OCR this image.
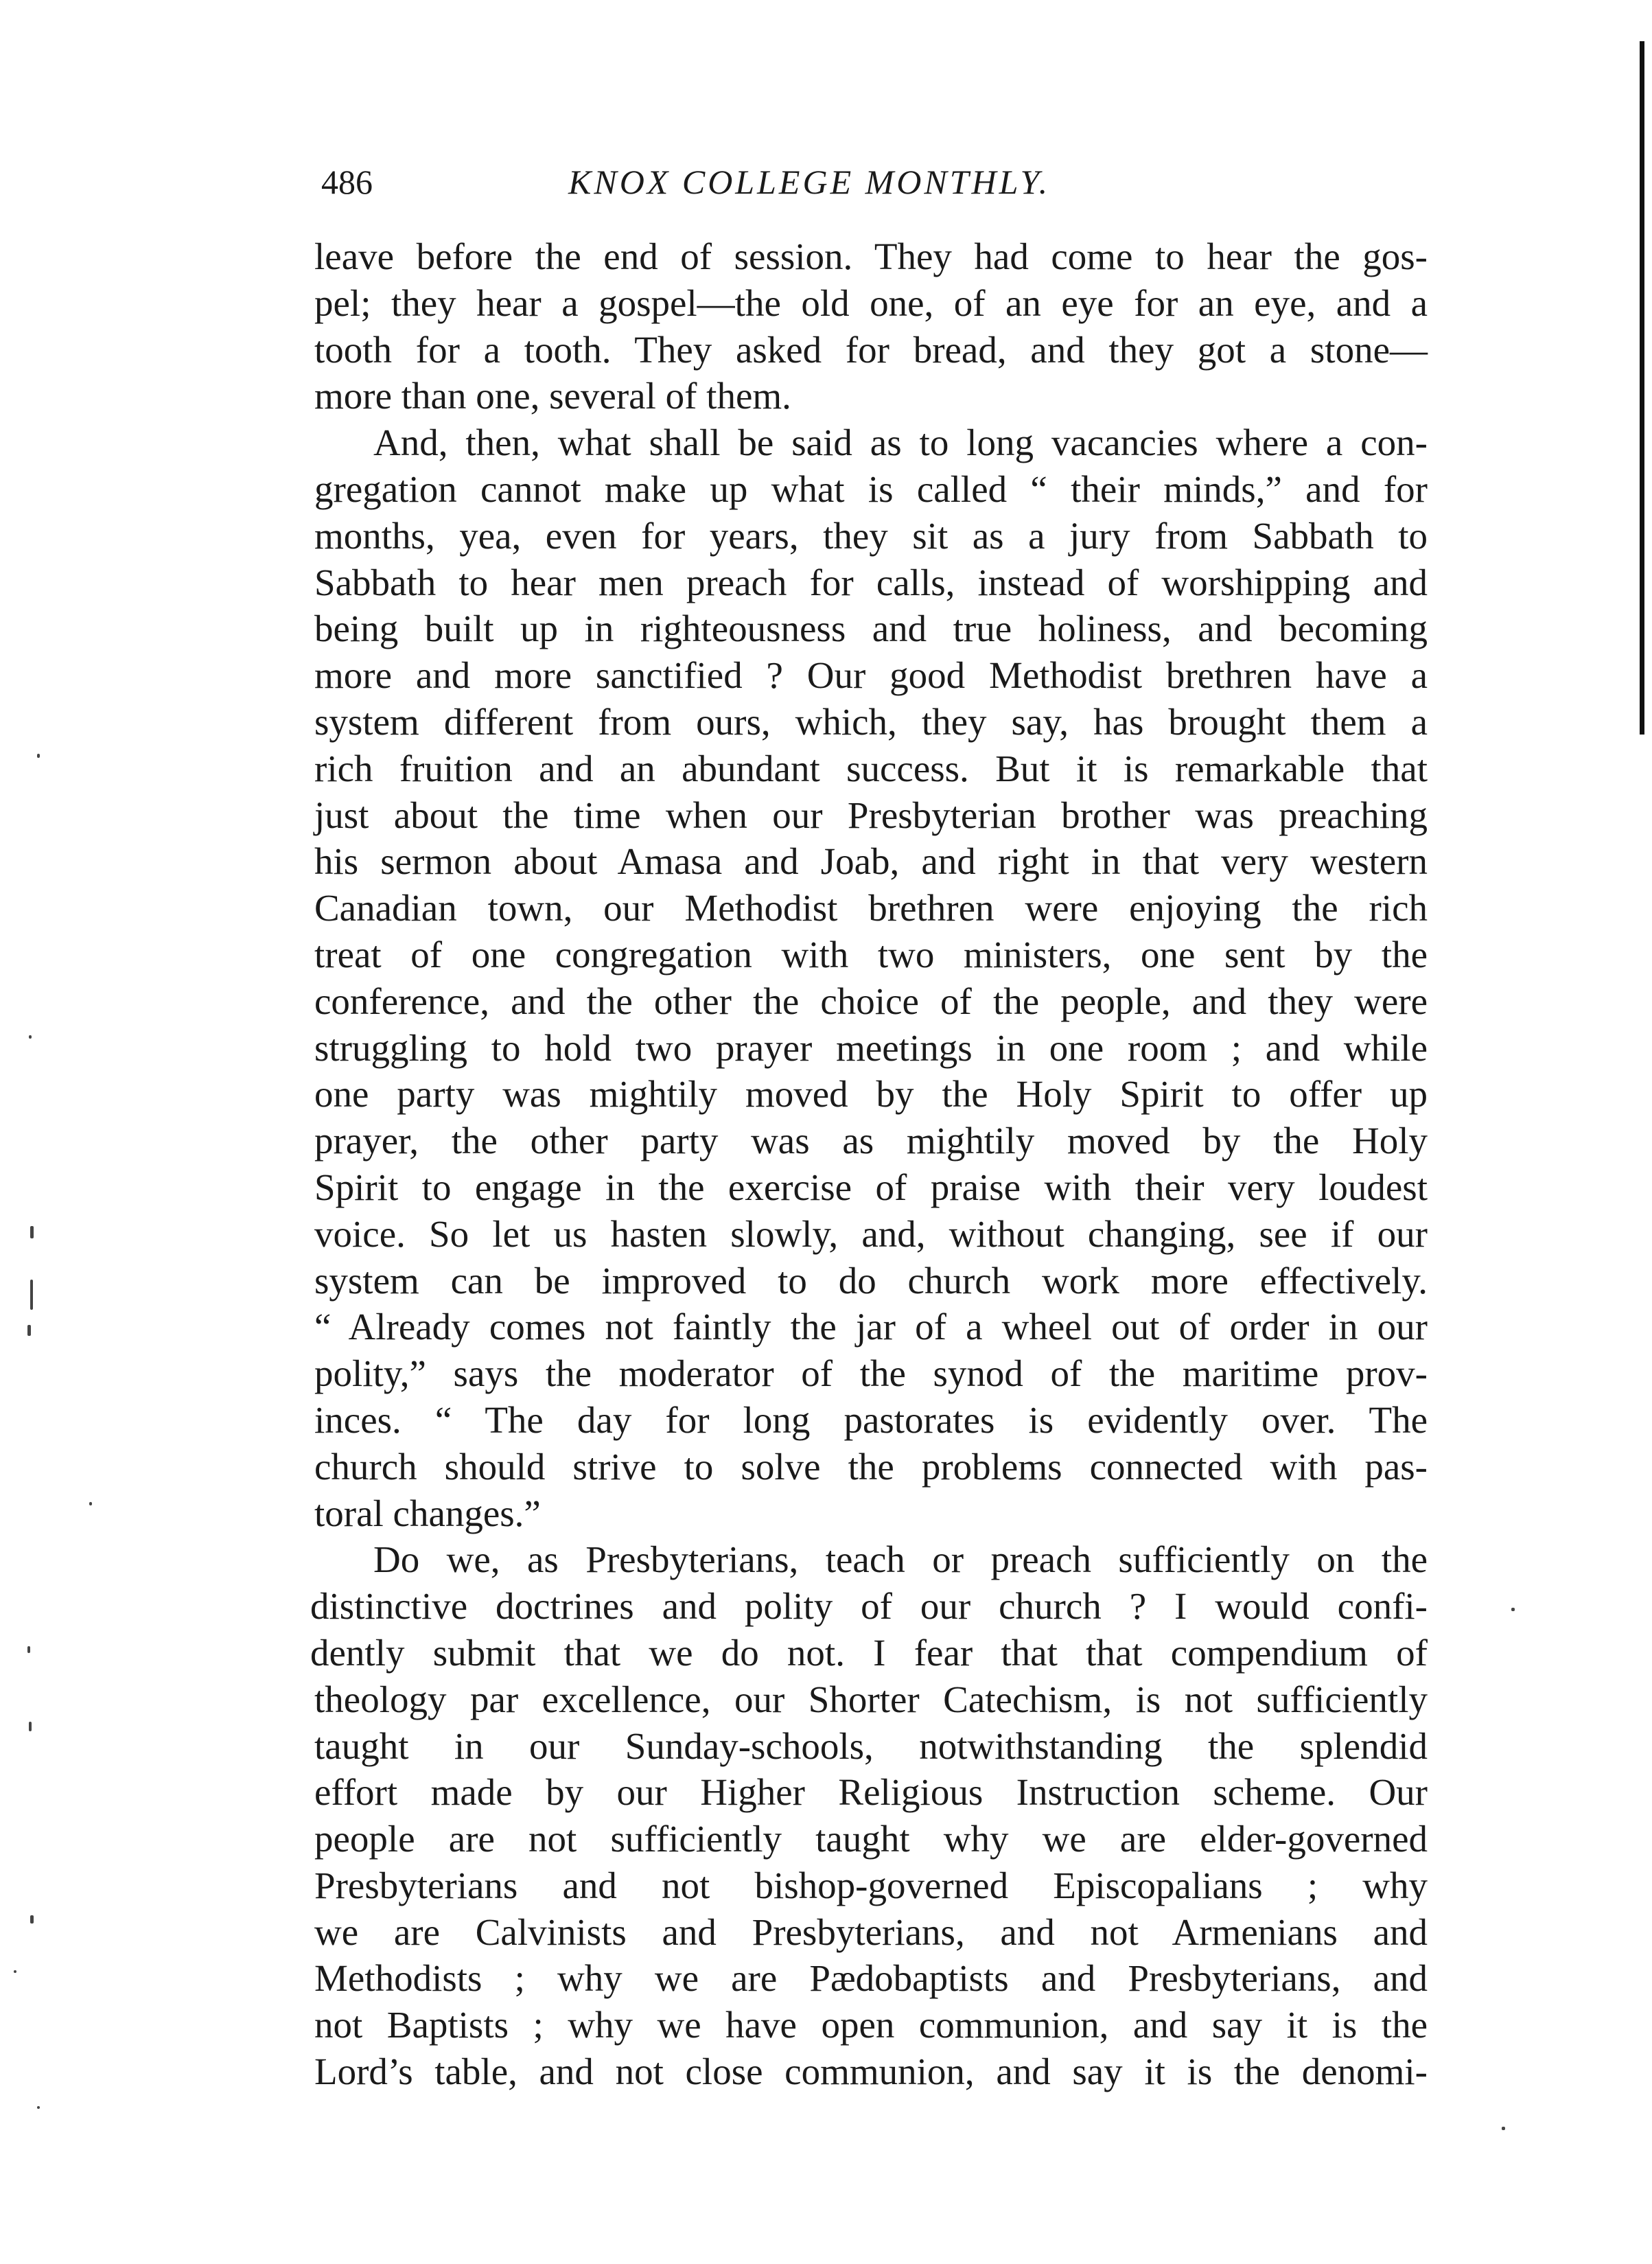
486	KNOX COLLEGE MONTHLY.
leave before the end of session. They had come to hear the gos-
pel; they hear a gospel—the old one, of an eye for an eye, and a
tooth for a tooth. They asked for bread, and they got a stone—
more than one, several of them.
And, then, what shall be said as to long vacancies where a con-
gregation cannot make up what is called “ their minds,” and for
months, yea, even for years, they sit as a jury from Sabbath to
Sabbath to hear men preach for calls, instead of worshipping and
being built up in righteousness and true holiness, and becoming
more and more sanctified ? Our good Methodist brethren have a
system different from ours, which, they say, has brought them a
rich fruition and an abundant success. But it is remarkable that
just about the time when our Presbyterian brother was preaching
his sermon about Amasa and Joab, and right in that very western
Canadian town, our Methodist brethren were enjoying the rich
treat of one congregation with two ministers, one sent by the
conference, and the other the choice of the people, and they were
struggling to hold two prayer meetings in one room ; and while
one party was mightily moved by the Holy Spirit to offer up
prayer, the other party was as mightily moved by the Holy
Spirit to engage in the exercise of praise with their very loudest
voice. So let us hasten slowly, and, without changing, see if our
system can be improved to do church work more effectively.
“ Already comes not faintly the jar of a wheel out of order in our
polity,” says the moderator of the synod of the maritime prov-
inces. “ The day for long pastorates is evidently over. The
church should strive to solve the problems connected with pas-
toral changes.”
Do we, as Presbyterians, teach or preach sufficiently on the
distinctive doctrines and polity of our church ? I would confi-
dently submit that we do not. I fear that that compendium of
theology par excellence, our Shorter Catechism, is not sufficiently
taught in our Sunday-schools, notwithstanding the splendid
effort made by our Higher Religious Instruction scheme. Our
people are not sufficiently taught why we are elder-governed
Presbyterians and not bishop-governed Episcopalians ; why
we are Calvinists and Presbyterians, and not Armenians and
Methodists ; why we are Pædobaptists and Presbyterians, and
not Baptists ; why we have open communion, and say it is the
Lord’s table, and not close communion, and say it is the denomi-
